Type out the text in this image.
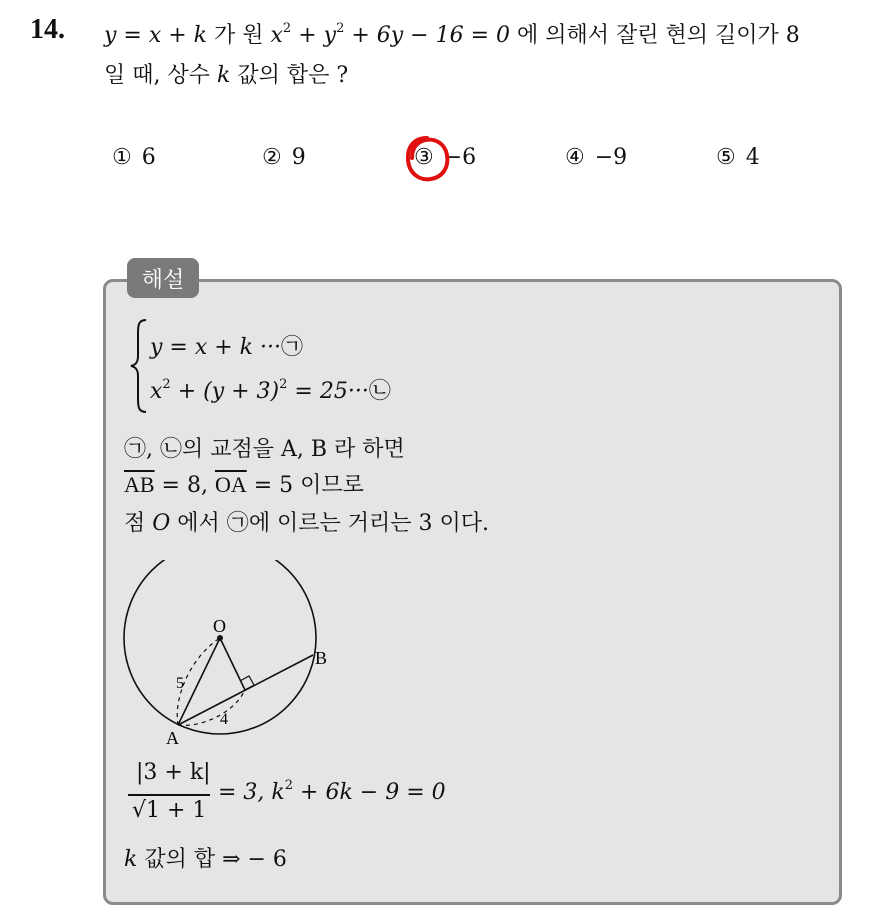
14. y = x + k 가 원 $x^2 + y^2 + 6y - 16 = 0$ 에 의해서 잘린 현의 길이가 8
일 때, 상수 k 값의 합은 ?
① 6	② 9	③ −6	④ −9	⑤ 4
해설
y = x + k ···㉠
$x^2 + (y + 3)^2$ = 25···㉡
㉠, ㉡의 교점을 A, B 라 하면
$\overline{AB} = 8$, $\overline{OA} = 5$ 이므로
점 O 에서 ㉠에 이르는 거리는 3 이다.
O
A
B
5
4
|3 + k|
√1 + 1
= 3, $k^2 + 6k - 9 = 0$
k 값의 합 ⇒ − 6
